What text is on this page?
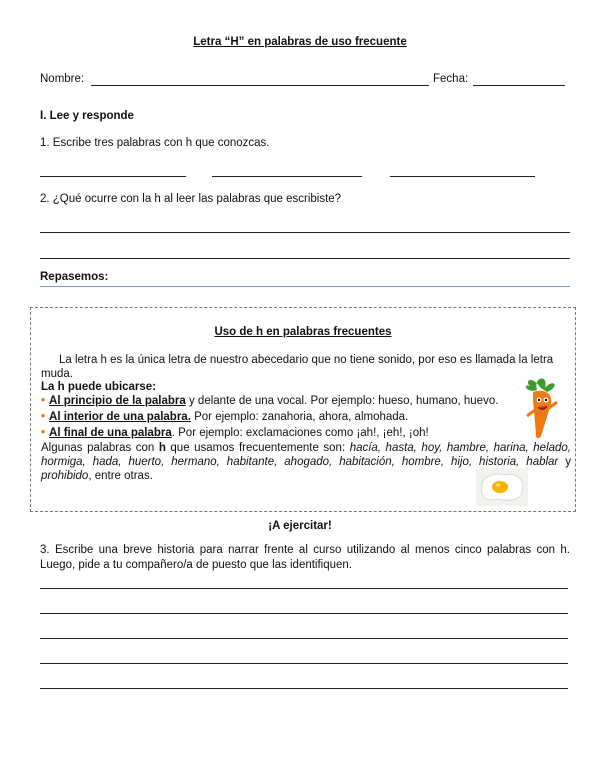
Letra “H” en palabras de uso frecuente
Nombre:	Fecha:
I. Lee y responde
1. Escribe tres palabras con h que conozcas.
2. ¿Qué ocurre con la h al leer las palabras que escribiste?
Repasemos:
Uso de h en palabras frecuentes
La letra h es la única letra de nuestro abecedario que no tiene sonido, por eso es llamada la letra muda.
La h puede ubicarse:
• Al principio de la palabra y delante de una vocal. Por ejemplo: hueso, humano, huevo.
• Al interior de una palabra. Por ejemplo: zanahoria, ahora, almohada.
• Al final de una palabra. Por ejemplo: exclamaciones como ¡ah!, ¡eh!, ¡oh!
Algunas palabras con h que usamos frecuentemente son: hacía, hasta, hoy, hambre, harina, helado, hormiga, hada, huerto, hermano, habitante, ahogado, habitación, hombre, hijo, historia, hablar y prohibido, entre otras.
¡A ejercitar!
3. Escribe una breve historia para narrar frente al curso utilizando al menos cinco palabras con h. Luego, pide a tu compañero/a de puesto que las identifiquen.
